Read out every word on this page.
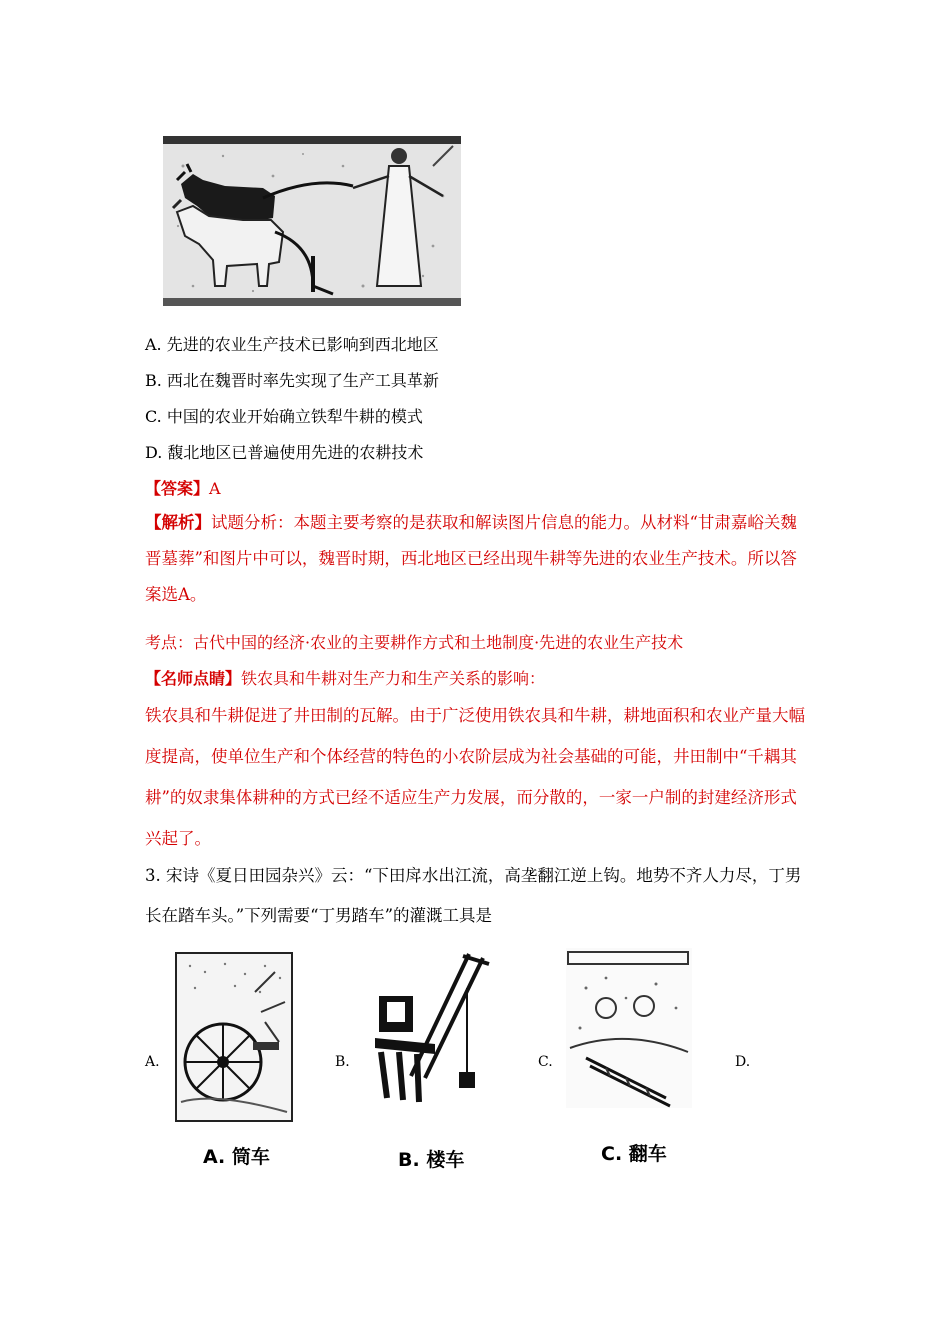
A. 先进的农业生产技术已影响到西北地区
B. 西北在魏晋时率先实现了生产工具革新
C. 中国的农业开始确立铁犁牛耕的模式
D. 馥北地区已普遍使用先进的农耕技术
【答案】A
【解析】试题分析：本题主要考察的是获取和解读图片信息的能力。从材料“甘肃嘉峪关魏晋墓葬”和图片中可以，魏晋时期，西北地区已经出现牛耕等先进的农业生产技术。所以答案选A。
考点：古代中国的经济·农业的主要耕作方式和土地制度·先进的农业生产技术
【名师点睛】铁农具和牛耕对生产力和生产关系的影响：
铁农具和牛耕促进了井田制的瓦解。由于广泛使用铁农具和牛耕，耕地面积和农业产量大幅度提高，使单位生产和个体经营的特色的小农阶层成为社会基础的可能，井田制中“千耦其耕”的奴隶集体耕种的方式已经不适应生产力发展，而分散的，一家一户制的封建经济形式兴起了。
3. 宋诗《夏日田园杂兴》云：“下田戽水出江流，高垄翻江逆上钩。地势不齐人力尽，丁男长在踏车头。”下列需要“丁男踏车”的灌溉工具是
A.	B.	C.	D.
A. 筒车	B. 楼车	C. 翻车
